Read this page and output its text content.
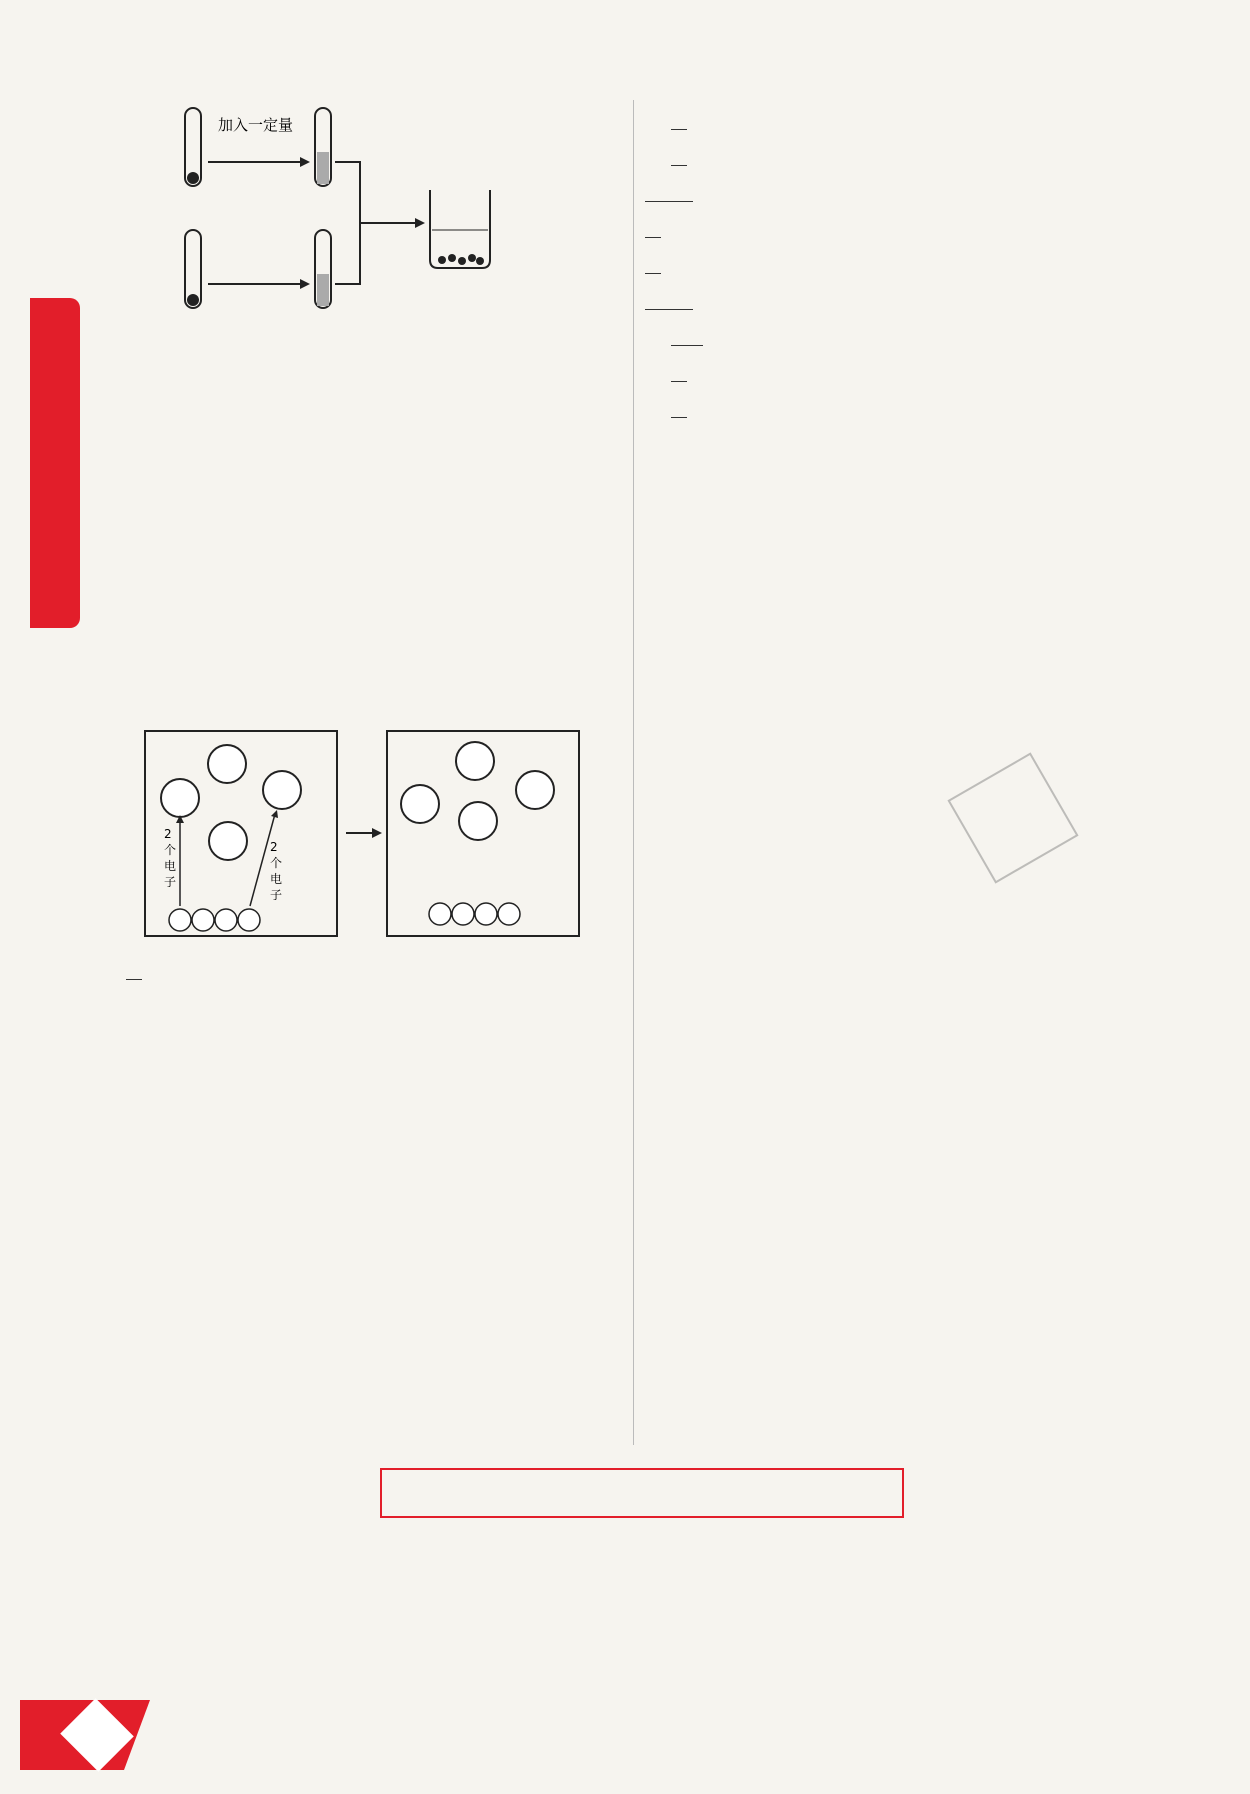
加入一定量

2
个
电
子
2
个
电
子
